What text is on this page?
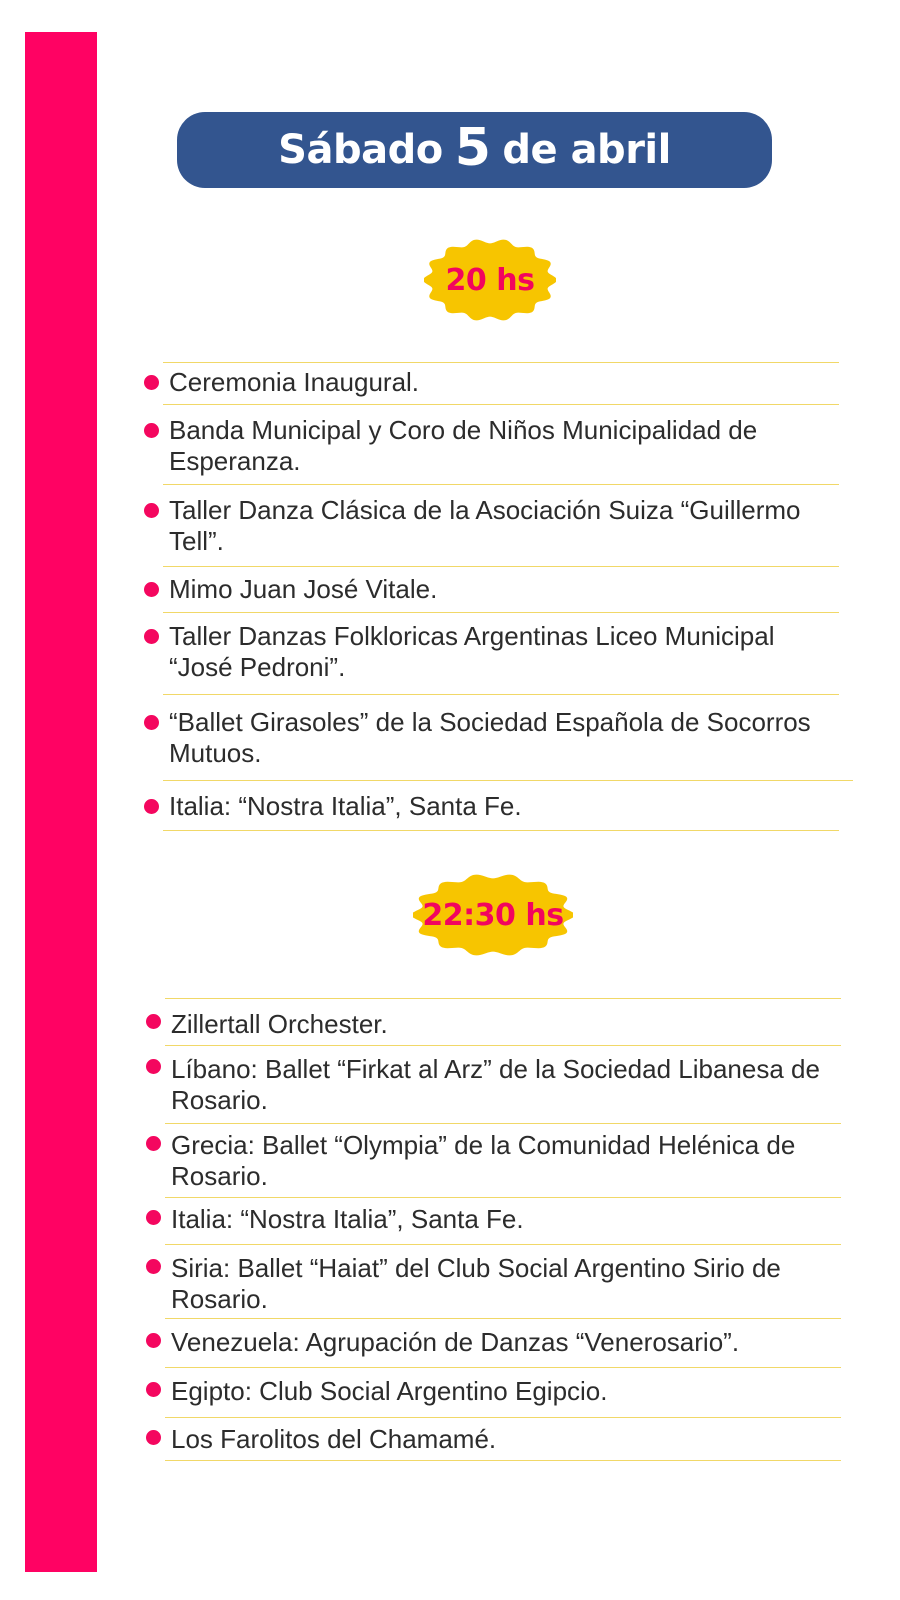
Sábado 5 de abril
20 hs
Ceremonia Inaugural.
Banda Municipal y Coro de Niños Municipalidad de Esperanza.
Taller Danza Clásica de la Asociación Suiza “Guillermo Tell”.
Mimo Juan José Vitale.
Taller Danzas Folkloricas Argentinas Liceo Municipal “José Pedroni”.
“Ballet Girasoles” de la Sociedad Española de Socorros Mutuos.
Italia: “Nostra Italia”, Santa Fe.
22:30 hs
Zillertall Orchester.
Líbano: Ballet “Firkat al Arz” de la Sociedad Libanesa de Rosario.
Grecia: Ballet “Olympia” de la Comunidad Helénica de Rosario.
Italia: “Nostra Italia”, Santa Fe.
Siria: Ballet “Haiat” del Club Social Argentino Sirio de Rosario.
Venezuela: Agrupación de Danzas “Venerosario”.
Egipto: Club Social Argentino Egipcio.
Los Farolitos del Chamamé.
